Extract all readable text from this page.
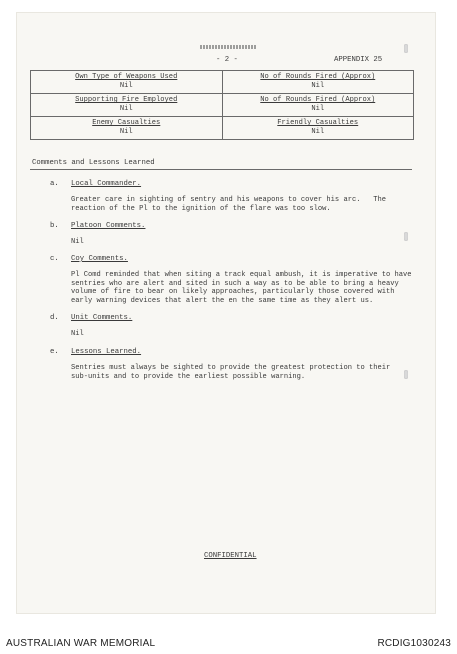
- 2 -	APPENDIX 25
Own Type of Weapons Used
Nil
No of Rounds Fired (Approx)
Nil
Supporting Fire Employed
Nil
No of Rounds Fired (Approx)
Nil
Enemy Casualties
Nil
Friendly Casualties
Nil
Comments and Lessons Learned
a. Local Commander.
Greater care in sighting of sentry and his weapons to cover his arc.   The
reaction of the Pl to the ignition of the flare was too slow.
b. Platoon Comments.
Nil
c. Coy Comments.
Pl Comd reminded that when siting a track equal ambush, it is imperative to have
sentries who are alert and sited in such a way as to be able to bring a heavy
volume of fire to bear on likely approaches, particularly those covered with
early warning devices that alert the en the same time as they alert us.
d. Unit Comments.
Nil
e. Lessons Learned.
Sentries must always be sighted to provide the greatest protection to their
sub-units and to provide the earliest possible warning.
CONFIDENTIAL
AUSTRALIAN WAR MEMORIAL	RCDIG1030243
